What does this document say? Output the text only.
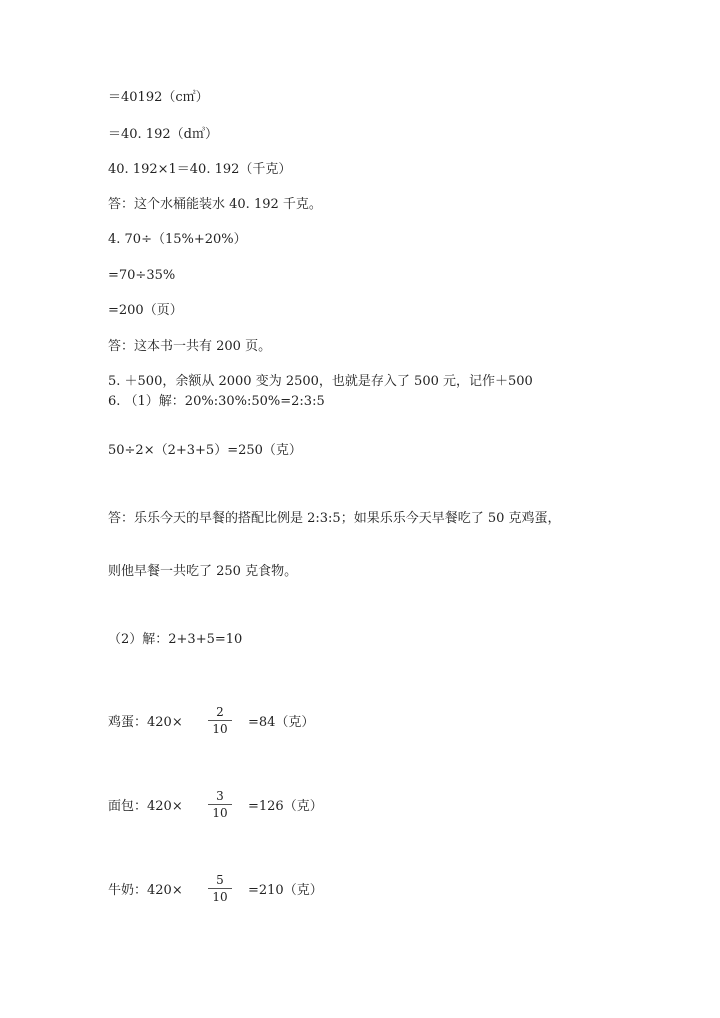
＝40192（c㎡）
＝40. 192（d㎥）
40. 192×1＝40. 192（千克）
答：这个水桶能装水 40. 192 千克。
4. 70÷（15%+20%）
=70÷35%
=200（页）
答：这本书一共有 200 页。
5. ＋500，余额从 2000 变为 2500，也就是存入了 500 元，记作＋500
6. （1）解：20%:30%:50%=2:3:5
50÷2×（2+3+5）=250（克）
答：乐乐今天的早餐的搭配比例是 2:3:5；如果乐乐今天早餐吃了 50 克鸡蛋，
则他早餐一共吃了 250 克食物。
（2）解：2+3+5=10
鸡蛋：$420\times \frac{2}{10} =84$（克）
面包：$420\times \frac{3}{10} =126$（克）
牛奶：$420\times \frac{5}{10} =210$（克）
